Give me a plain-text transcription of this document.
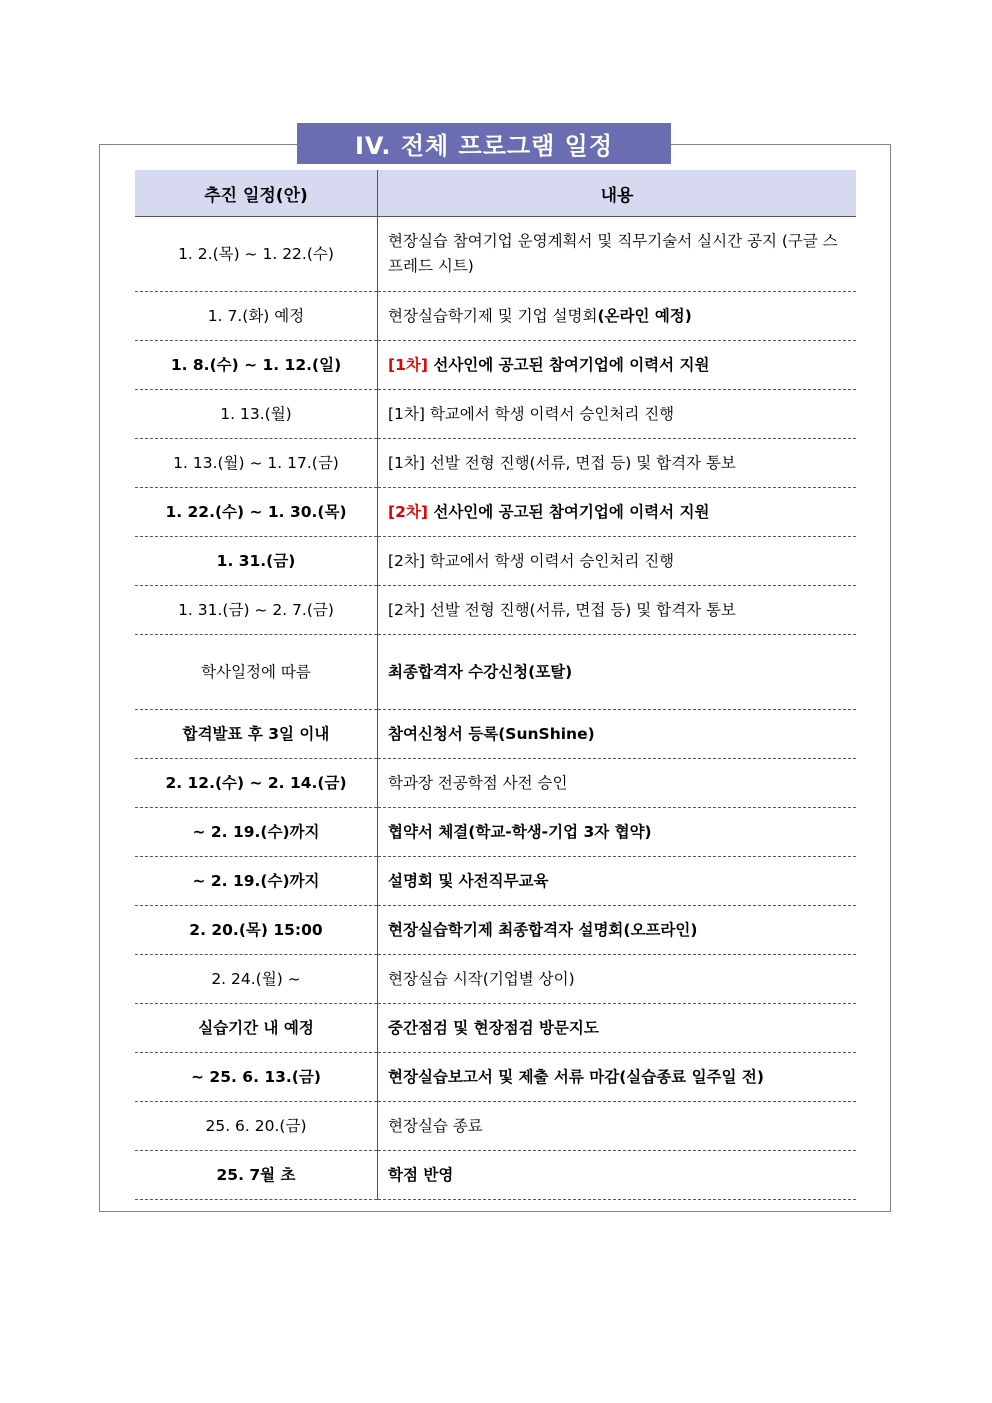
IV. 전체 프로그램 일정
추진 일정(안)	내용
1. 2.(목) ~ 1. 22.(수)	현장실습 참여기업 운영계획서 및 직무기술서 실시간 공지 (구글 스프레드 시트)
1. 7.(화) 예정	현장실습학기제 및 기업 설명회(온라인 예정)
1. 8.(수) ~ 1. 12.(일)	[1차] 선사인에 공고된 참여기업에 이력서 지원
1. 13.(월)	[1차] 학교에서 학생 이력서 승인처리 진행
1. 13.(월) ~ 1. 17.(금)	[1차] 선발 전형 진행(서류, 면접 등) 및 합격자 통보
1. 22.(수) ~ 1. 30.(목)	[2차] 선사인에 공고된 참여기업에 이력서 지원
1. 31.(금)	[2차] 학교에서 학생 이력서 승인처리 진행
1. 31.(금) ~ 2. 7.(금)	[2차] 선발 전형 진행(서류, 면접 등) 및 합격자 통보
학사일정에 따름	최종합격자 수강신청(포탈)
합격발표 후 3일 이내	참여신청서 등록(SunShine)
2. 12.(수) ~ 2. 14.(금)	학과장 전공학점 사전 승인
~ 2. 19.(수)까지	협약서 체결(학교-학생-기업 3자 협약)
~ 2. 19.(수)까지	설명회 및 사전직무교육
2. 20.(목) 15:00	현장실습학기제 최종합격자 설명회(오프라인)
2. 24.(월) ~	현장실습 시작(기업별 상이)
실습기간 내 예정	중간점검 및 현장점검 방문지도
~ 25. 6. 13.(금)	현장실습보고서 및 제출 서류 마감(실습종료 일주일 전)
25. 6. 20.(금)	현장실습 종료
25. 7월 초	학점 반영
